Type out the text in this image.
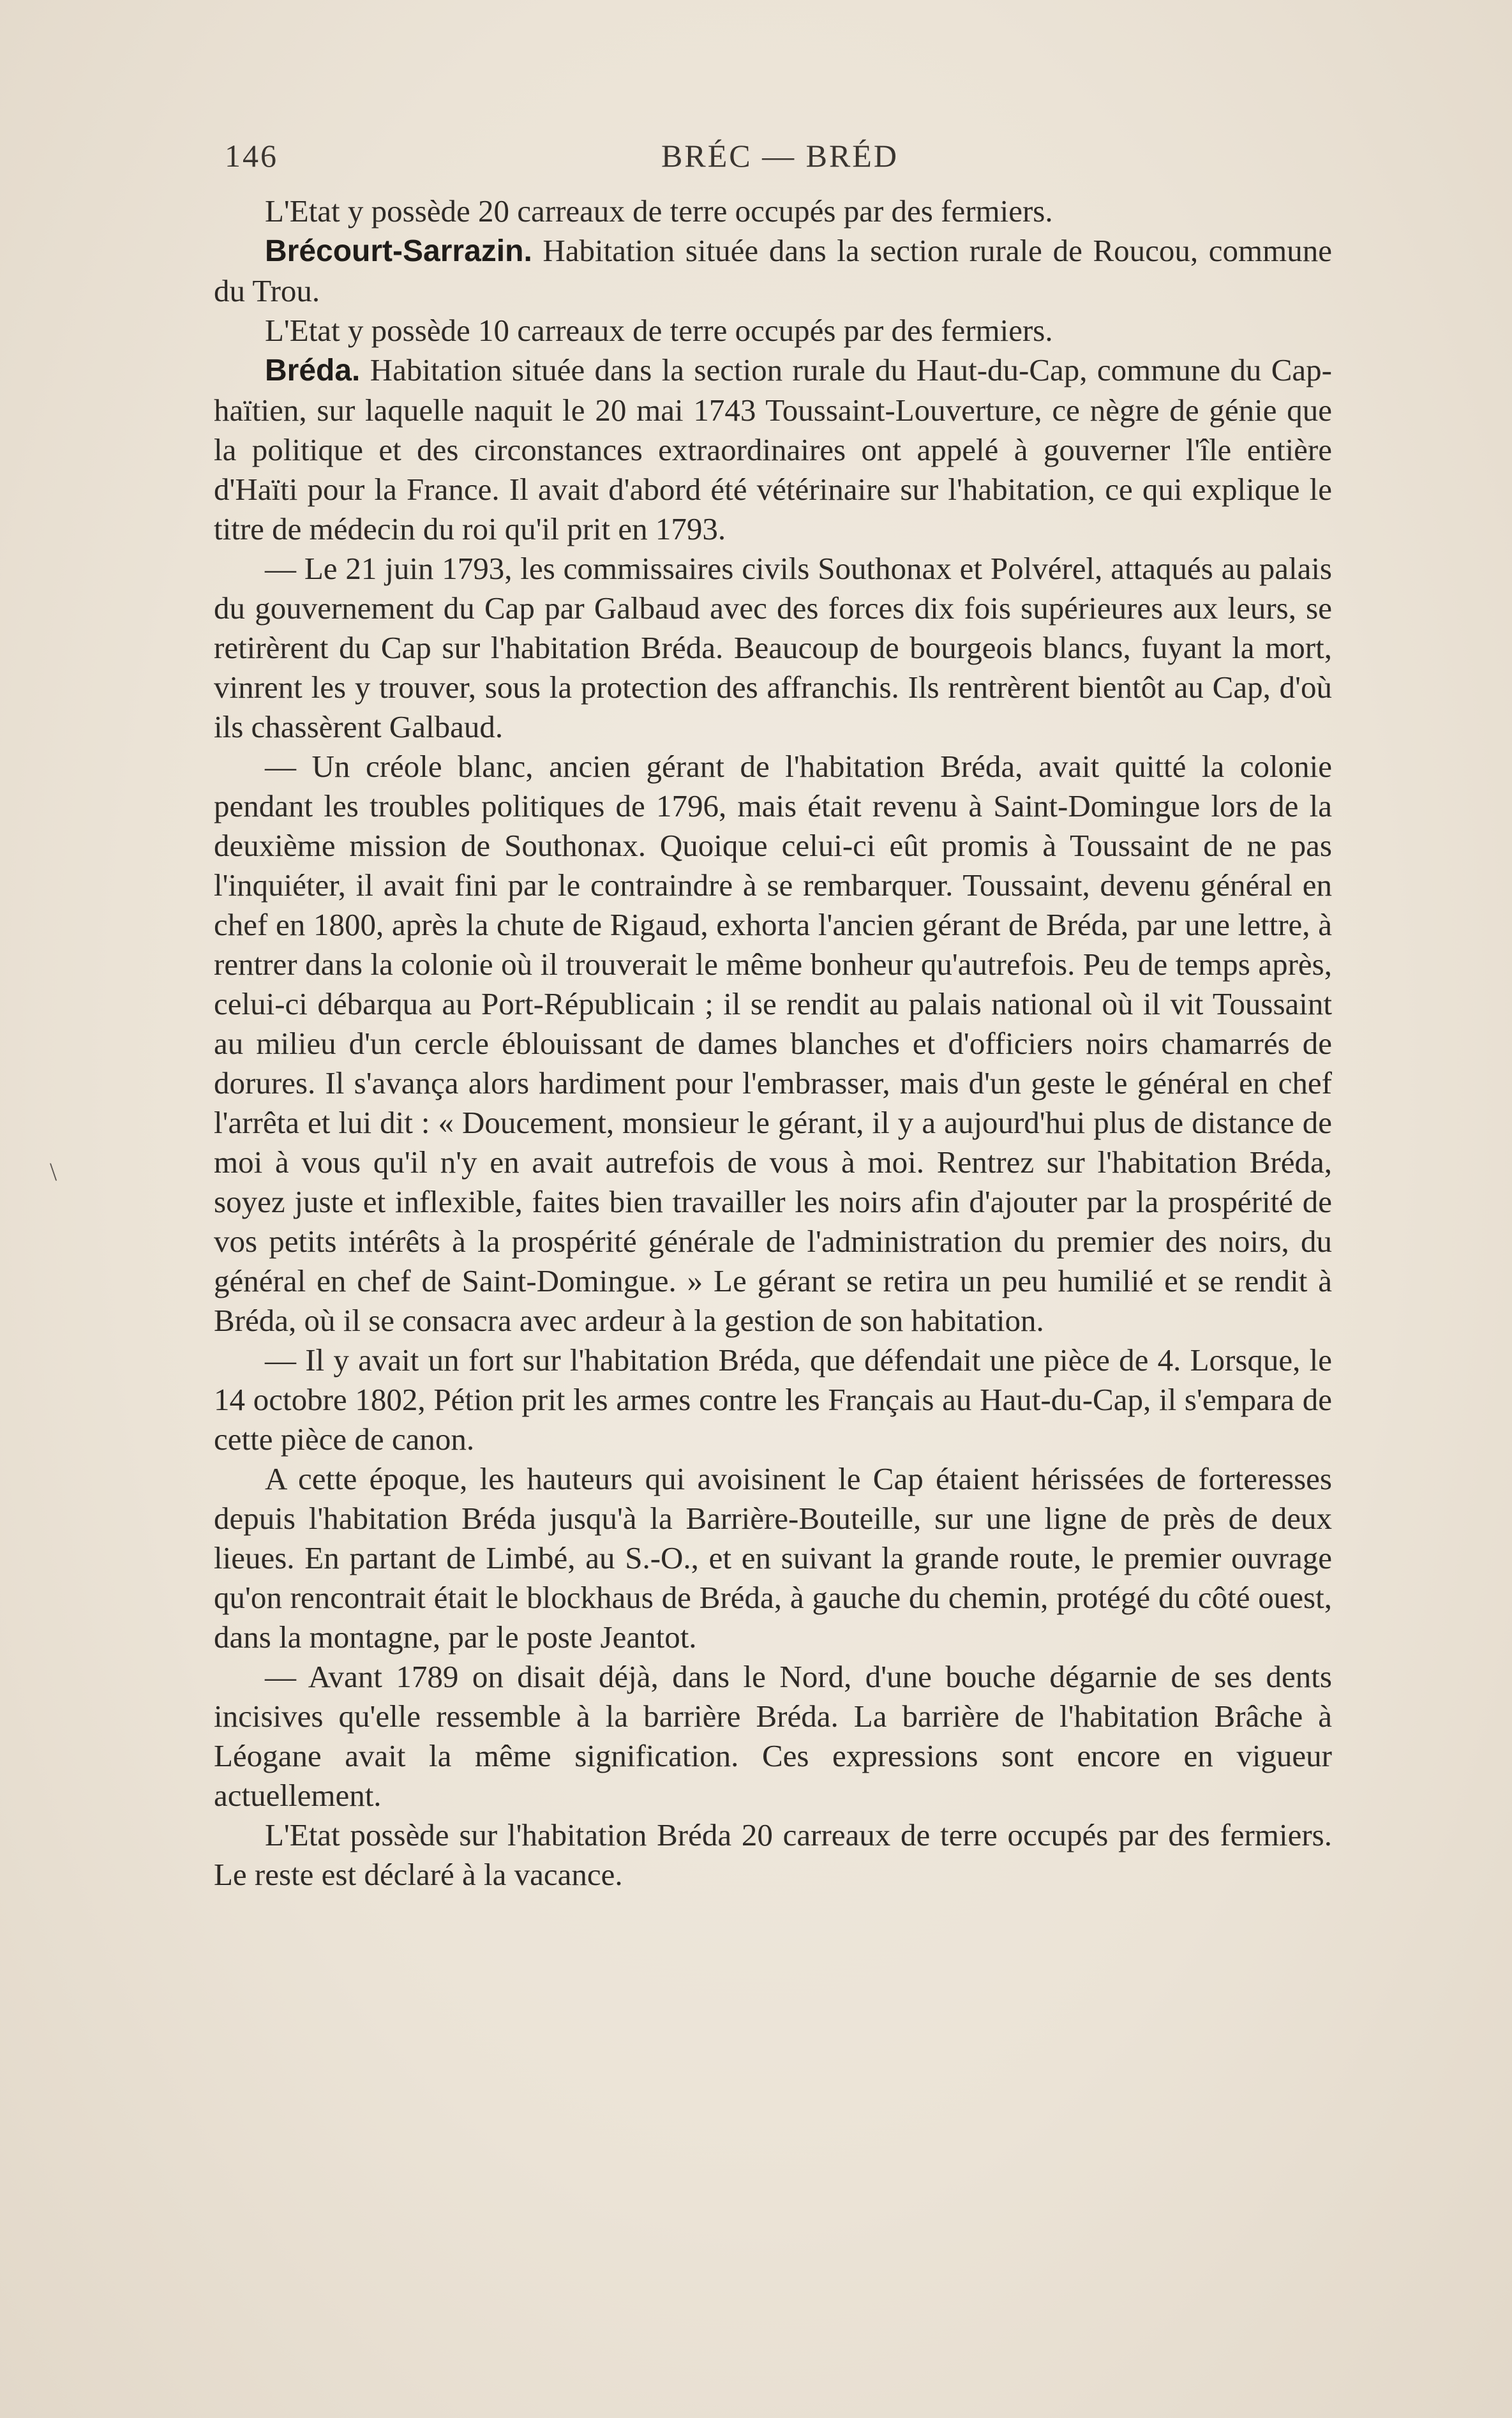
146	BRÉC — BRÉD
\

L'Etat y possède 20 carreaux de terre occupés par des fermiers.

Brécourt-Sarrazin. Habitation située dans la section rurale de Roucou, commune du Trou.

L'Etat y possède 10 carreaux de terre occupés par des fermiers.

Bréda. Habitation située dans la section rurale du Haut-du-Cap, commune du Cap-haïtien, sur laquelle naquit le 20 mai 1743 Toussaint-Louverture, ce nègre de génie que la politique et des circonstances extraordinaires ont appelé à gouverner l'île entière d'Haïti pour la France. Il avait d'abord été vétérinaire sur l'habitation, ce qui explique le titre de médecin du roi qu'il prit en 1793.

— Le 21 juin 1793, les commissaires civils Southonax et Polvérel, attaqués au palais du gouvernement du Cap par Galbaud avec des forces dix fois supérieures aux leurs, se retirèrent du Cap sur l'habitation Bréda. Beaucoup de bourgeois blancs, fuyant la mort, vinrent les y trouver, sous la protection des affranchis. Ils rentrèrent bientôt au Cap, d'où ils chassèrent Galbaud.

— Un créole blanc, ancien gérant de l'habitation Bréda, avait quitté la colonie pendant les troubles politiques de 1796, mais était revenu à Saint-Domingue lors de la deuxième mission de Southonax. Quoique celui-ci eût promis à Toussaint de ne pas l'inquiéter, il avait fini par le contraindre à se rembarquer. Toussaint, devenu général en chef en 1800, après la chute de Rigaud, exhorta l'ancien gérant de Bréda, par une lettre, à rentrer dans la colonie où il trouverait le même bonheur qu'autrefois. Peu de temps après, celui-ci débarqua au Port-Républicain ; il se rendit au palais national où il vit Toussaint au milieu d'un cercle éblouissant de dames blanches et d'officiers noirs chamarrés de dorures. Il s'avança alors hardiment pour l'embrasser, mais d'un geste le général en chef l'arrêta et lui dit : « Doucement, monsieur le gérant, il y a aujourd'hui plus de distance de moi à vous qu'il n'y en avait autrefois de vous à moi. Rentrez sur l'habitation Bréda, soyez juste et inflexible, faites bien travailler les noirs afin d'ajouter par la prospérité de vos petits intérêts à la prospérité générale de l'administration du premier des noirs, du général en chef de Saint-Domingue. » Le gérant se retira un peu humilié et se rendit à Bréda, où il se consacra avec ardeur à la gestion de son habitation.

— Il y avait un fort sur l'habitation Bréda, que défendait une pièce de 4. Lorsque, le 14 octobre 1802, Pétion prit les armes contre les Français au Haut-du-Cap, il s'empara de cette pièce de canon.

A cette époque, les hauteurs qui avoisinent le Cap étaient hérissées de forteresses depuis l'habitation Bréda jusqu'à la Barrière-Bouteille, sur une ligne de près de deux lieues. En partant de Limbé, au S.-O., et en suivant la grande route, le premier ouvrage qu'on rencontrait était le blockhaus de Bréda, à gauche du chemin, protégé du côté ouest, dans la montagne, par le poste Jeantot.

— Avant 1789 on disait déjà, dans le Nord, d'une bouche dégarnie de ses dents incisives qu'elle ressemble à la barrière Bréda. La barrière de l'habitation Brâche à Léogane avait la même signification. Ces expressions sont encore en vigueur actuellement.

L'Etat possède sur l'habitation Bréda 20 carreaux de terre occupés par des fermiers. Le reste est déclaré à la vacance.
